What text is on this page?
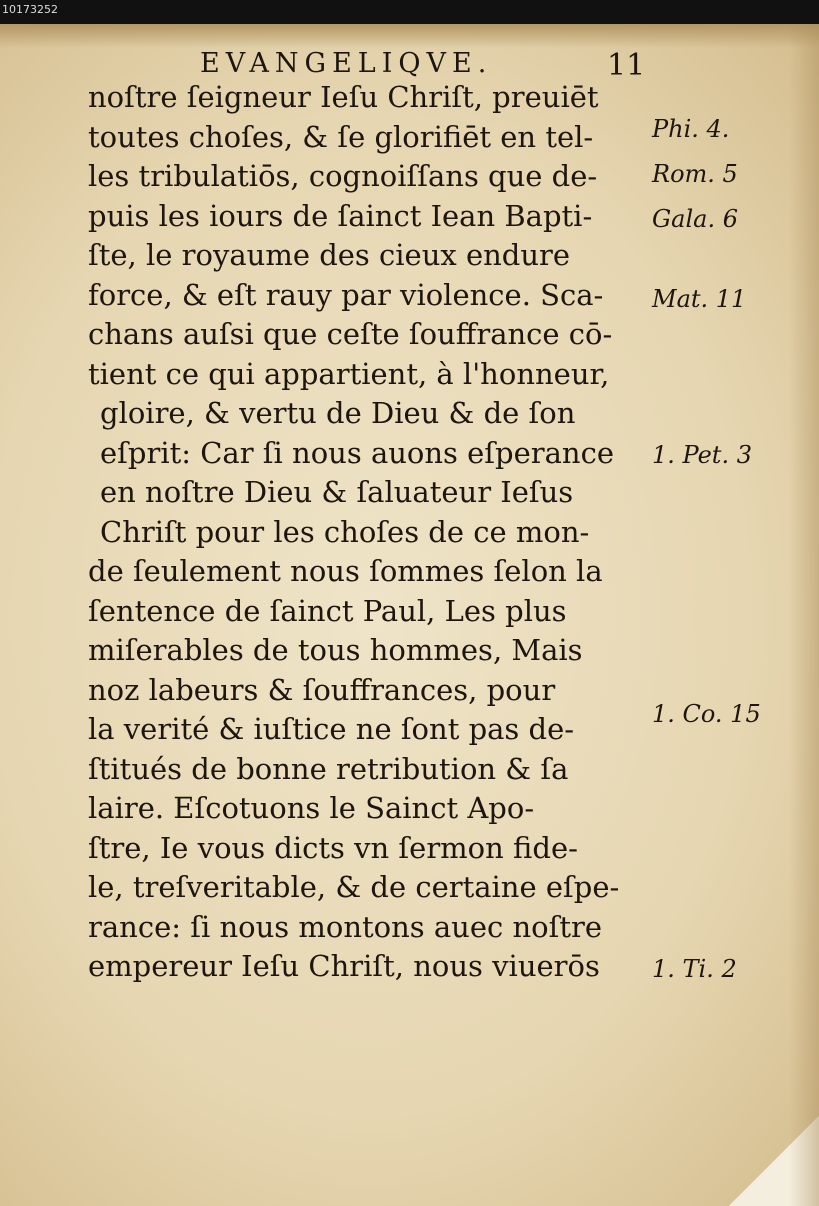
10173252
EVANGELIQVE.	11
noſtre ſeigneur Ieſu Chriſt, preuiēt
toutes choſes, & ſe glorifiēt en tel-
les tribulatiōs, cognoiſſans que de-
puis les iours de ſainct Iean Bapti-
ſte, le royaume des cieux endure
force, & eſt rauy par violence. Sca-
chans auſsi que ceſte ſouffrance cō-
tient ce qui appartient, à l'honneur,
gloire, & vertu de Dieu & de ſon
eſprit: Car ſi nous auons eſperance
en noſtre Dieu & ſaluateur Ieſus
Chriſt pour les choſes de ce mon-
de ſeulement nous ſommes ſelon la
ſentence de ſainct Paul, Les plus
miſerables de tous hommes, Mais
noz labeurs & ſouffrances, pour
la verité & iuſtice ne ſont pas de-
ſtitués de bonne retribution & ſa
laire. Eſcotuons le Sainct Apo-
ſtre, Ie vous dicts vn ſermon fide-
le, treſveritable, & de certaine eſpe-
rance: ſi nous montons auec noſtre
empereur Ieſu Chriſt, nous viuerōs
Phi. 4.
Rom. 5
Gala. 6
Mat. 11
1. Pet. 3
1. Co. 15
1. Ti. 2
